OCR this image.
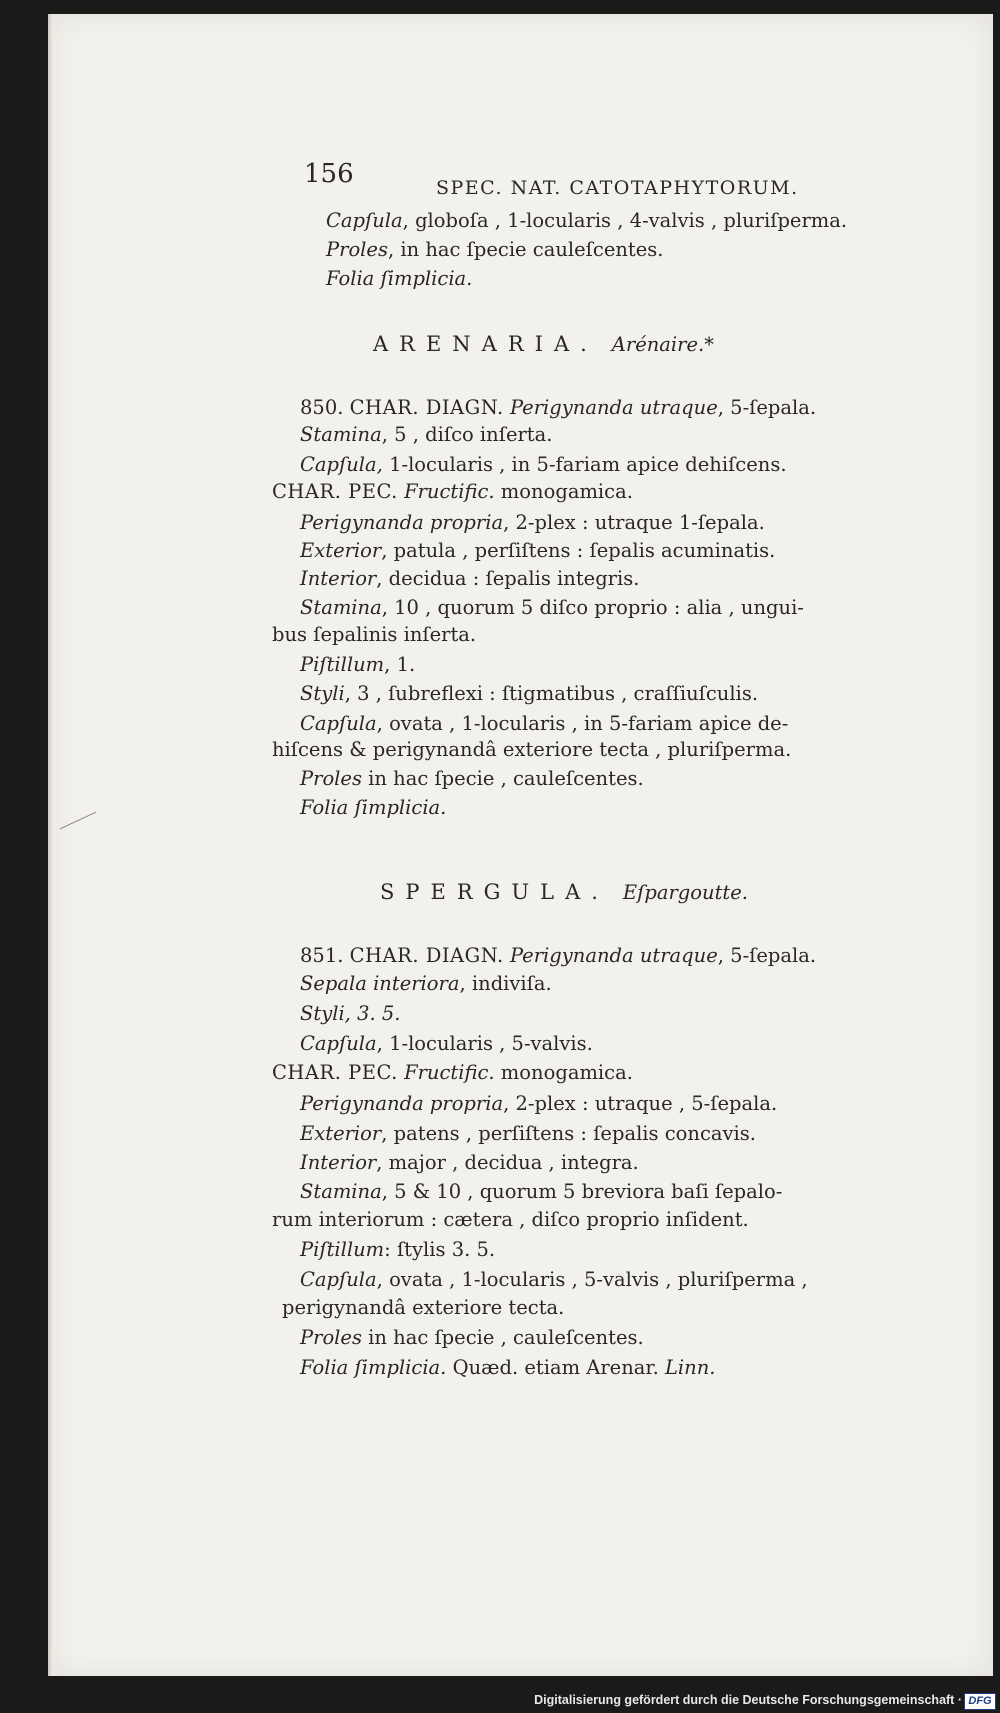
156	SPEC. NAT. CATOTAPHYTORUM.
Capſula, globoſa , 1-locularis , 4-valvis , pluriſperma.
Proles, in hac ſpecie cauleſcentes.
Folia ſimplicia.
ARENARIA. Arénaire.*
850. CHAR. DIAGN. Perigynanda utraque, 5-ſepala.
Stamina, 5 , diſco inſerta.
Capſula, 1-locularis , in 5-fariam apice dehiſcens.
CHAR. PEC. Fructific. monogamica.
Perigynanda propria, 2-plex : utraque 1-ſepala.
Exterior, patula , perſiſtens : ſepalis acuminatis.
Interior, decidua : ſepalis integris.
Stamina, 10 , quorum 5 diſco proprio : alia , ungui-
bus ſepalinis inſerta.
Piſtillum, 1.
Styli, 3 , ſubreflexi : ſtigmatibus , craſſiuſculis.
Capſula, ovata , 1-locularis , in 5-fariam apice de-
hiſcens & perigynandâ exteriore tecta , pluriſperma.
Proles in hac ſpecie , cauleſcentes.
Folia ſimplicia.
SPERGULA. Eſpargoutte.
851. CHAR. DIAGN. Perigynanda utraque, 5-ſepala.
Sepala interiora, indiviſa.
Styli, 3. 5.
Capſula, 1-locularis , 5-valvis.
CHAR. PEC. Fructific. monogamica.
Perigynanda propria, 2-plex : utraque , 5-ſepala.
Exterior, patens , perſiſtens : ſepalis concavis.
Interior, major , decidua , integra.
Stamina, 5 & 10 , quorum 5 breviora baſi ſepalo-
rum interiorum : cætera , diſco proprio inſident.
Piſtillum: ſtylis 3. 5.
Capſula, ovata , 1-locularis , 5-valvis , pluriſperma ,
perigynandâ exteriore tecta.
Proles in hac ſpecie , cauleſcentes.
Folia ſimplicia. Quæd. etiam Arenar. Linn.
Digitalisierung gefördert durch die Deutsche Forschungsgemeinschaft · DFG
